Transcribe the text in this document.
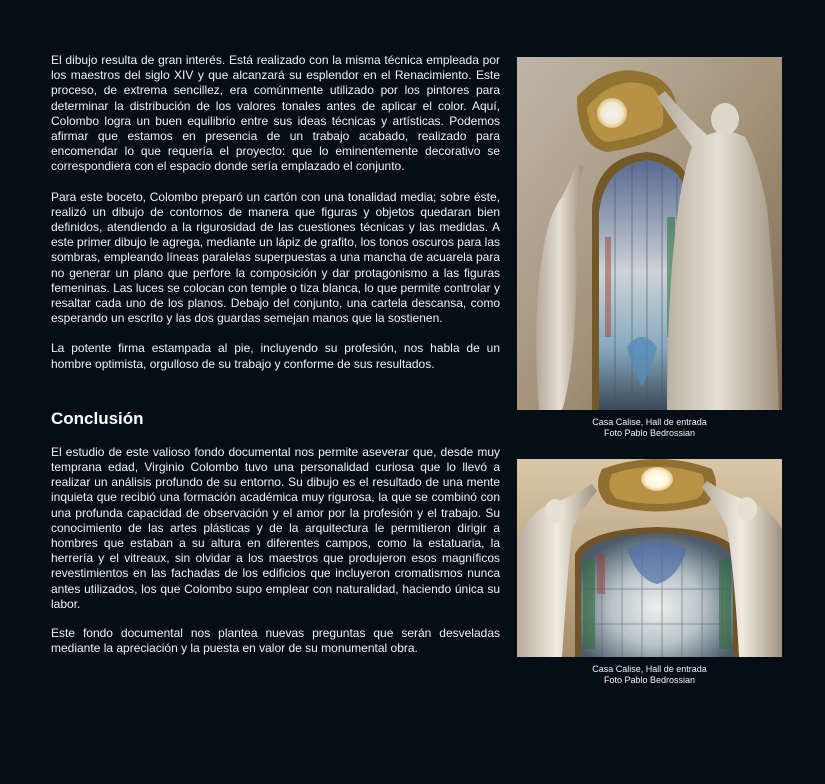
El dibujo resulta de gran interés. Está realizado con la misma técnica empleada por los maestros del siglo XIV y que alcanzará su esplendor en el Renacimiento. Este proceso, de extrema sencillez, era comúnmente utilizado por los pintores para determinar la distribución de los valores tonales antes de aplicar el color. Aquí, Colombo logra un buen equilibrio entre sus ideas técnicas y artísticas. Podemos afirmar que estamos en presencia de un trabajo acabado, realizado para encomendar lo que requería el proyecto: que lo eminentemente decorativo se correspondiera con el espacio donde sería emplazado el conjunto.

Para este boceto, Colombo preparó un cartón con una tonalidad media; sobre éste, realizó un dibujo de contornos de manera que figuras y objetos quedaran bien definidos, atendiendo a la rigurosidad de las cuestiones técnicas y las medidas. A este primer dibujo le agrega, mediante un lápiz de grafito, los tonos oscuros para las sombras, empleando líneas paralelas superpuestas a una mancha de acuarela para no generar un plano que perfore la composición y dar protagonismo a las figuras femeninas. Las luces se colocan con temple o tiza blanca, lo que permite controlar y resaltar cada uno de los planos. Debajo del conjunto, una cartela descansa, como esperando un escrito y las dos guardas semejan manos que la sostienen.

La potente firma estampada al pie, incluyendo su profesión, nos habla de un hombre optimista, orgulloso de su trabajo y conforme de sus resultados.

Conclusión

El estudio de este valioso fondo documental nos permite aseverar que, desde muy temprana edad, Virginio Colombo tuvo una personalidad curiosa que lo llevó a realizar un análisis profundo de su entorno. Su dibujo es el resultado de una mente inquieta que recibió una formación académica muy rigurosa, la que se combinó con una profunda capacidad de observación y el amor por la profesión y el trabajo. Su conocimiento de las artes plásticas y de la arquitectura le permitieron dirigir a hombres que estaban a su altura en diferentes campos, como la estatuaria, la herrería y el vitreaux, sin olvidar a los maestros que produjeron esos magníficos revestimientos en las fachadas de los edificios que incluyeron cromatismos nunca antes utilizados, los que Colombo supo emplear con naturalidad, haciendo única su labor.

Este fondo documental nos plantea nuevas preguntas que serán desveladas mediante la apreciación y la puesta en valor de su monumental obra.

Casa Calise, Hall de entrada
Foto Pablo Bedrossian
Casa Calise, Hall de entrada
Foto Pablo Bedrossian
